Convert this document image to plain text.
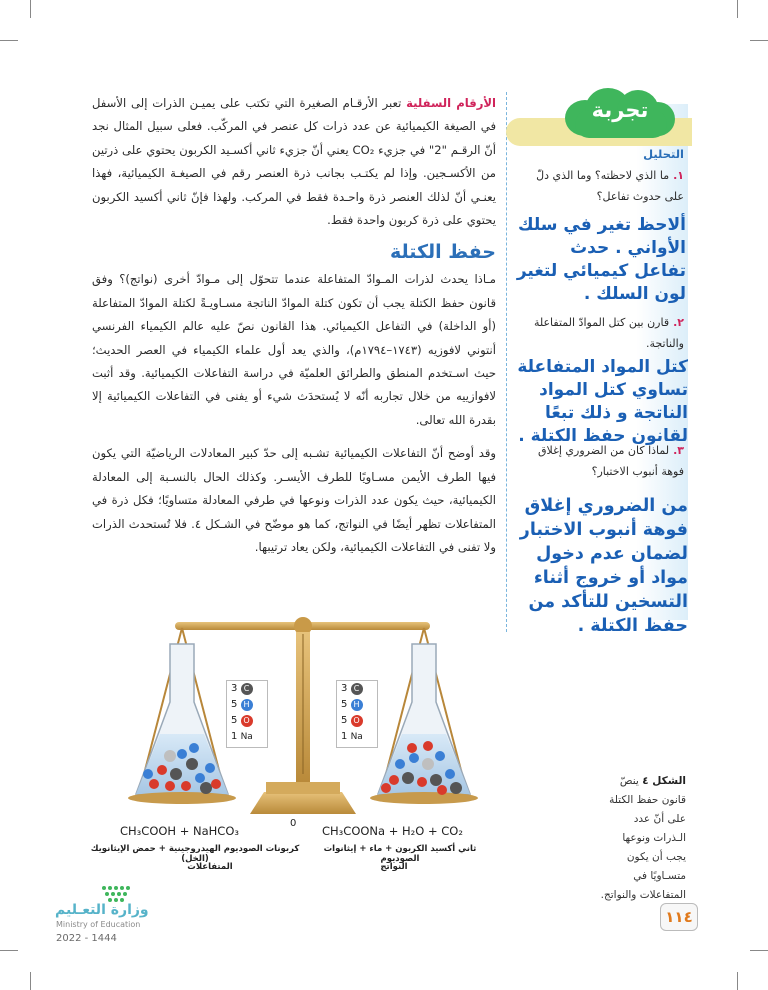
الأرقام السفلية تعبر الأرقـام الصغيرة التي تكتب على يميـن الذرات إلى الأسفل في الصيغة الكيميائية عن عدد ذرات كل عنصر في المركّب. فعلى سبيل المثال نجد أنّ الرقـم "2" في جزيء CO₂ يعني أنّ جزيء ثاني أكسـيد الكربون يحتوي على ذرتين من الأكسـجين. وإذا لم يكتـب بجانب ذرة العنصر رقم في الصيغـة الكيميائية، فهذا يعنـي أنّ لذلك العنصر ذرة واحـدة فقط في المركب. ولهذا فإنّ ثاني أكسيد الكربون يحتوي على ذرة كربون واحدة فقط.

حفظ الكتلة

مـاذا يحدث لذرات المـوادّ المتفاعلة عندما تتحوّل إلى مـوادّ أخرى (نواتج)؟ وفق قانون حفظ الكتلة يجب أن تكون كتلة الموادّ الناتجة مسـاويـةً لكتلة الموادّ المتفاعلة (أو الداخلة) في التفاعل الكيميائي. هذا القانون نصّ عليه عالم الكيمياء الفرنسي أنتوني لافوزيه (١٧٤٣–١٧٩٤م)، والذي يعد أول علماء الكيمياء في العصر الحديث؛ حيث اسـتخدم المنطق والطرائق العلميّة في دراسة التفاعلات الكيميائية. وقد أثبت لافوازييه من خلال تجاربه أنّه لا يُستحدَث شيء أو يفنى في التفاعلات الكيميائية إلا بقدرة الله تعالى.

وقد أوضح أنّ التفاعلات الكيميائية تشـبه إلى حدّ كبير المعادلات الرياضيّة التي يكون فيها الطرف الأيمن مسـاويًا للطرف الأيسـر. وكذلك الحال بالنسـبة إلى المعادلة الكيميائية، حيث يكون عدد الذرات ونوعها في طرفي المعادلة متساويًا؛ فكل ذرة في المتفاعلات تظهر أيضًا في النواتج، كما هو موضّح في الشـكل ٤. فلا تُستحدث الذرات ولا تفنى في التفاعلات الكيميائية، ولكن يعاد ترتيبها.

تجربة
التحليل
١.ما الذي لاحظته؟ وما الذي دلّ على حدوث تفاعل؟
ألاحظ تغير في سلك الأواني . حدث تفاعل كيميائي لتغير لون السلك .
٢.قارن بين كتل الموادّ المتفاعلة والناتجة.
كتل المواد المتفاعلة تساوي كتل المواد الناتجة و ذلك تبعًا لقانون حفظ الكتلة .
٣.لماذا كان من الضروري إغلاق فوهة أنبوب الاختبار؟
من الضروري إغلاق فوهة أنبوب الاختبار لضمان عدم دخول مواد أو خروج أثناء التسخين للتأكد من حفظ الكتلة .
3 C
5 H
5 O
1 Na
3 C
5 H
5 O
1 Na
CH₃COOH + NaHCO₃
0
CH₃COONa + H₂O + CO₂
كربونات الصوديوم الهيدروجينية + حمض الإيثانويك (الخل)
ثاني أكسيد الكربون + ماء + إيثانوات الصوديوم
المتفاعلات	النواتج
الشكل ٤ ينصّ قانون حفظ الكتلة على أنّ عدد الـذرات ونوعها يجب أن يكون متسـاويًا في المتفاعلات والنواتج.
وزارة التعـليم
Ministry of Education
2022 - 1444
١١٤
